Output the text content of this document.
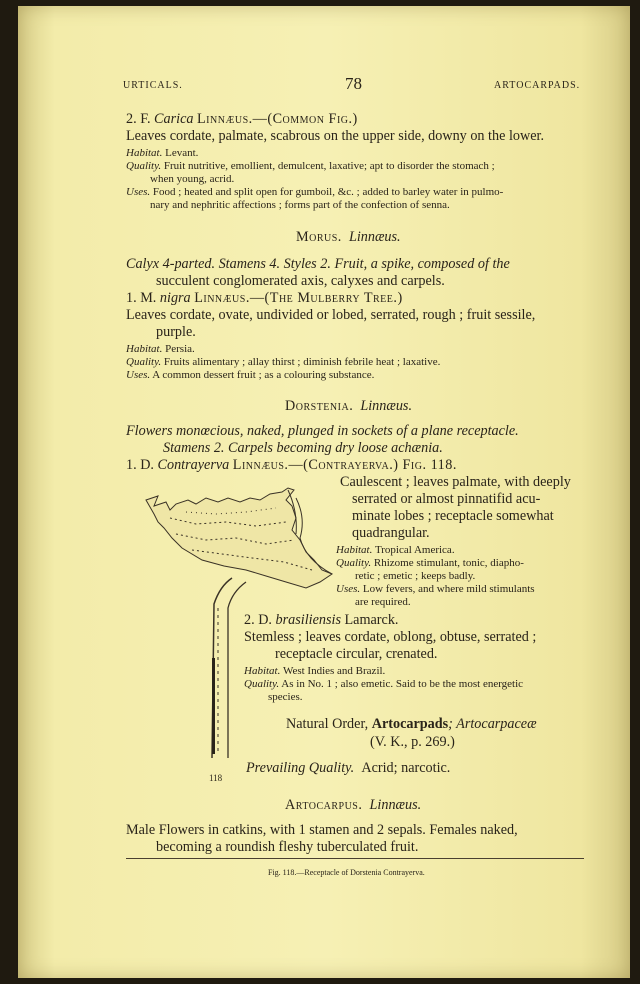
URTICALS.	78	ARTOCARPADS.
2. F. Carica Linnæus.—(Common Fig.)
Leaves cordate, palmate, scabrous on the upper side, downy on the lower.
Habitat. Levant.
Quality. Fruit nutritive, emollient, demulcent, laxative; apt to disorder the stomach ;
when young, acrid.
Uses. Food ; heated and split open for gumboil, &c. ; added to barley water in pulmo-
nary and nephritic affections ; forms part of the confection of senna.
Morus. Linnæus.
Calyx 4-parted. Stamens 4. Styles 2. Fruit, a spike, composed of the
succulent conglomerated axis, calyxes and carpels.
1. M. nigra Linnæus.—(The Mulberry Tree.)
Leaves cordate, ovate, undivided or lobed, serrated, rough ; fruit sessile,
purple.
Habitat. Persia.
Quality. Fruits alimentary ; allay thirst ; diminish febrile heat ; laxative.
Uses. A common dessert fruit ; as a colouring substance.
Dorstenia. Linnæus.
Flowers monœcious, naked, plunged in sockets of a plane receptacle.
Stamens 2. Carpels becoming dry loose achænia.
1. D. Contrayerva Linnæus.—(Contrayerva.) Fig. 118.
Caulescent ; leaves palmate, with deeply
serrated or almost pinnatifid acu-
minate lobes ; receptacle somewhat
quadrangular.
Habitat. Tropical America.
Quality. Rhizome stimulant, tonic, diapho-
retic ; emetic ; keeps badly.
Uses. Low fevers, and where mild stimulants
are required.
2. D. brasiliensis Lamarck.
Stemless ; leaves cordate, oblong, obtuse, serrated ;
receptacle circular, crenated.
Habitat. West Indies and Brazil.
Quality. As in No. 1 ; also emetic. Said to be the most energetic
species.
Natural Order, Artocarpads; Artocarpaceæ
(V. K., p. 269.)
Prevailing Quality. Acrid; narcotic.
118
Artocarpus. Linnæus.
Male Flowers in catkins, with 1 stamen and 2 sepals. Females naked,
becoming a roundish fleshy tuberculated fruit.
Fig. 118.—Receptacle of Dorstenia Contrayerva.
